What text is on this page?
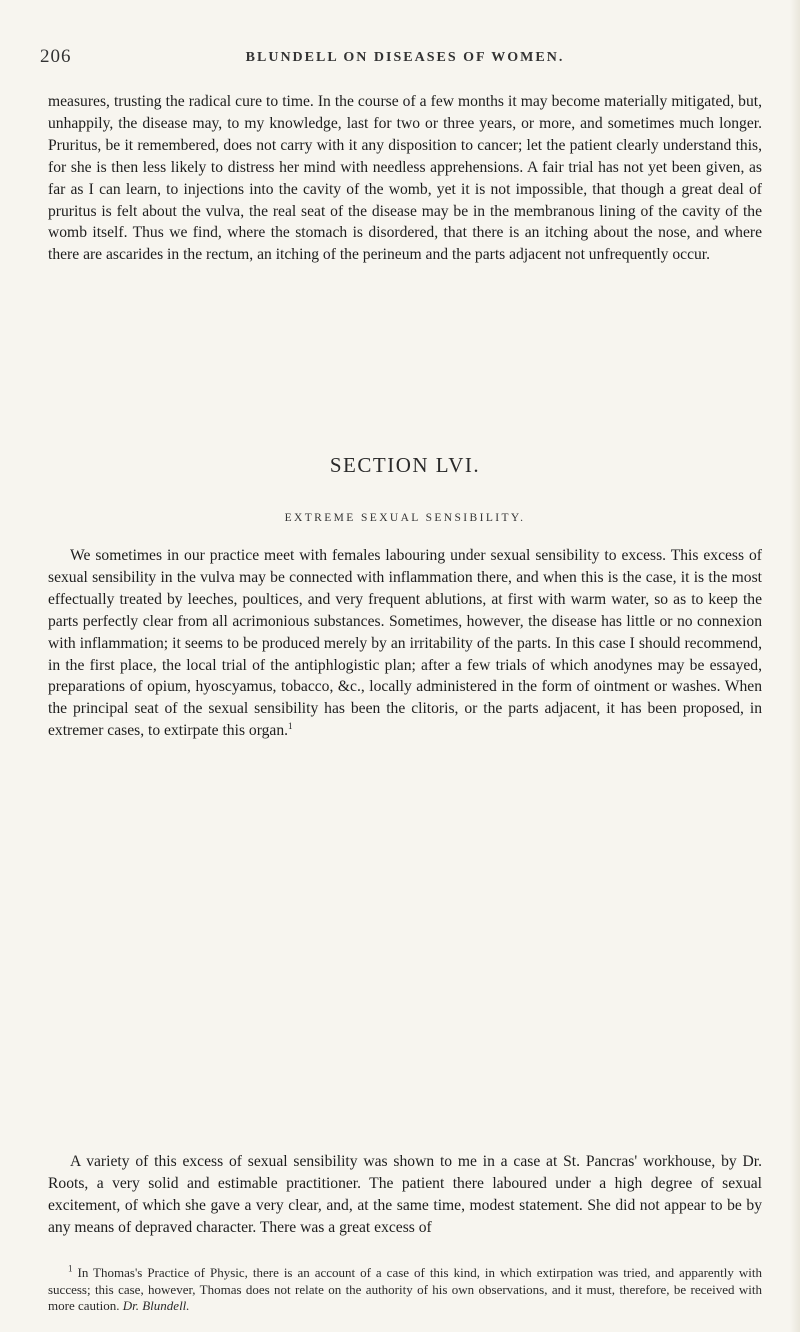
206	BLUNDELL ON DISEASES OF WOMEN.

measures, trusting the radical cure to time. In the course of a few months it may become materially mitigated, but, unhappily, the disease may, to my knowledge, last for two or three years, or more, and sometimes much longer. Pruritus, be it remembered, does not carry with it any disposition to cancer; let the patient clearly understand this, for she is then less likely to distress her mind with needless apprehensions. A fair trial has not yet been given, as far as I can learn, to injections into the cavity of the womb, yet it is not impossible, that though a great deal of pruritus is felt about the vulva, the real seat of the disease may be in the membranous lining of the cavity of the womb itself. Thus we find, where the stomach is disordered, that there is an itching about the nose, and where there are ascarides in the rectum, an itching of the perineum and the parts adjacent not unfrequently occur.

SECTION LVI.
EXTREME SEXUAL SENSIBILITY.

We sometimes in our practice meet with females labouring under sexual sensibility to excess. This excess of sexual sensibility in the vulva may be connected with inflammation there, and when this is the case, it is the most effectually treated by leeches, poultices, and very frequent ablutions, at first with warm water, so as to keep the parts perfectly clear from all acrimonious substances. Sometimes, however, the disease has little or no connexion with inflammation; it seems to be produced merely by an irritability of the parts. In this case I should recommend, in the first place, the local trial of the antiphlogistic plan; after a few trials of which anodynes may be essayed, preparations of opium, hyoscyamus, tobacco, &c., locally administered in the form of ointment or washes. When the principal seat of the sexual sensibility has been the clitoris, or the parts adjacent, it has been proposed, in extremer cases, to extirpate this organ.$^1$

A variety of this excess of sexual sensibility was shown to me in a case at St. Pancras' workhouse, by Dr. Roots, a very solid and estimable practitioner. The patient there laboured under a high degree of sexual excitement, of which she gave a very clear, and, at the same time, modest statement. She did not appear to be by any means of depraved character. There was a great excess of

$^1$ In Thomas's Practice of Physic, there is an account of a case of this kind, in which extirpation was tried, and apparently with success; this case, however, Thomas does not relate on the authority of his own observations, and it must, therefore, be received with more caution. Dr. Blundell.
